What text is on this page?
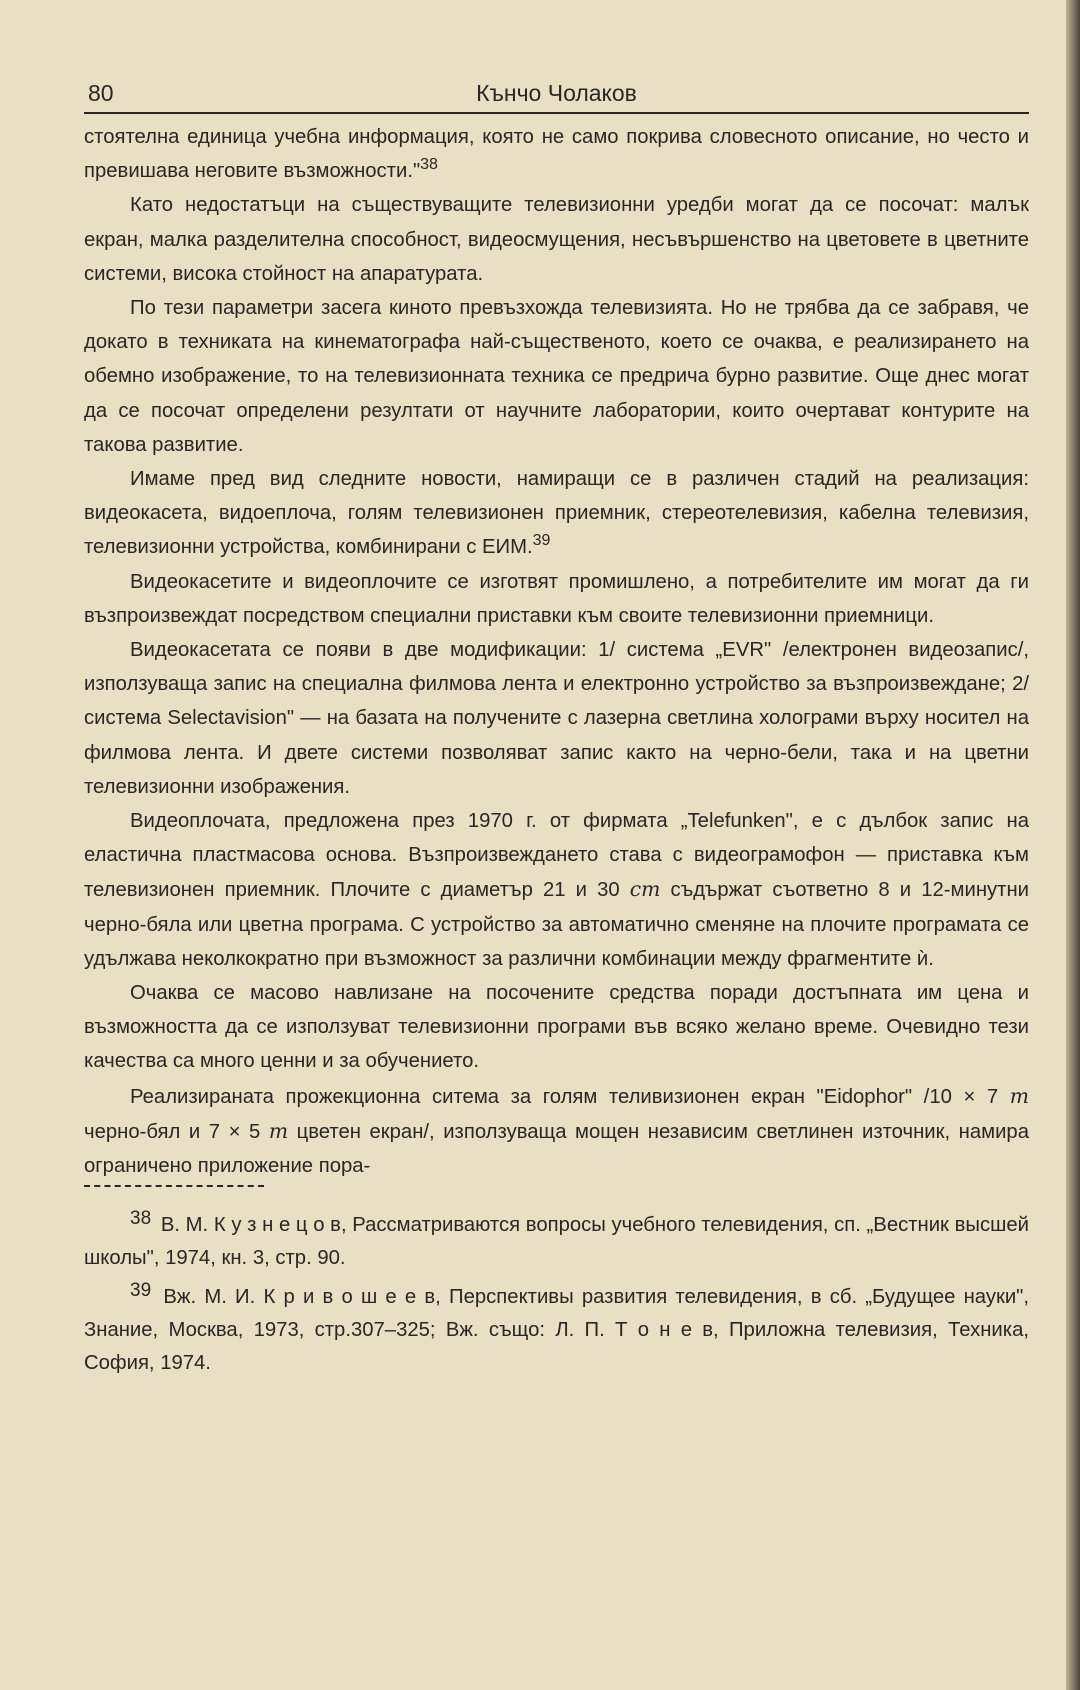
80	Кънчо Чолаков

стоятелна единица учебна информация, която не само покрива словесното описание, но често и превишава неговите възможности."$^{38}$

Като недостатъци на съществуващите телевизионни уредби могат да се посочат: малък екран, малка разделителна способност, видеосмущения, несъвършенство на цветовете в цветните системи, висока стойност на апаратурата.

По тези параметри засега киното превъзхожда телевизията. Но не трябва да се забравя, че докато в техниката на кинематографа най-същественото, което се очаква, е реализирането на обемно изображение, то на телевизионната техника се предрича бурно развитие. Още днес могат да се посочат определени резултати от научните лаборатории, които очертават контурите на такова развитие.

Имаме пред вид следните новости, намиращи се в различен стадий на реализация: видеокасета, видоеплоча, голям телевизионен приемник, стереотелевизия, кабелна телевизия, телевизионни устройства, комбинирани с ЕИМ.$^{39}$

Видеокасетите и видеоплочите се изготвят промишлено, а потребителите им могат да ги възпроизвеждат посредством специални приставки към своите телевизионни приемници.

Видеокасетата се появи в две модификации: 1/ система „EVR" /електронен видеозапис/, използуваща запис на специална филмова лента и електронно устройство за възпроизвеждане; 2/ система Selectavision" — на базата на получените с лазерна светлина холограми върху носител на филмова лента. И двете системи позволяват запис както на черно-бели, така и на цветни телевизионни изображения.

Видеоплочата, предложена през 1970 г. от фирмата „Telefunken", е с дълбок запис на еластична пластмасова основа. Възпроизвеждането става с видеограмофон — приставка към телевизионен приемник. Плочите с диаметър 21 и 30 cm съдържат съответно 8 и 12-минутни черно-бяла или цветна програма. С устройство за автоматично сменяне на плочите програмата се удължава неколкократно при възможност за различни комбинации между фрагментите ѝ.

Очаква се масово навлизане на посочените средства поради достъпната им цена и възможността да се използуват телевизионни програми във всяко желано време. Очевидно тези качества са много ценни и за обучението.

Реализираната прожекционна ситема за голям теливизионен екран "Eidophor" /10 × 7 m черно-бял и 7 × 5 m цветен екран/, използуваща мощен независим светлинен източник, намира ограничено приложение пора-

38 В. М. К у з н е ц о в, Рассматриваются вопросы учебного телевидения, сп. „Вестник высшей школы", 1974, кн. 3, стр. 90.

39 Вж. М. И. К р и в о ш е е в, Перспективы развития телевидения, в сб. „Будущее науки", Знание, Москва, 1973, стр.307–325; Вж. също: Л. П. Т о н е в, Приложна телевизия, Техника, София, 1974.
